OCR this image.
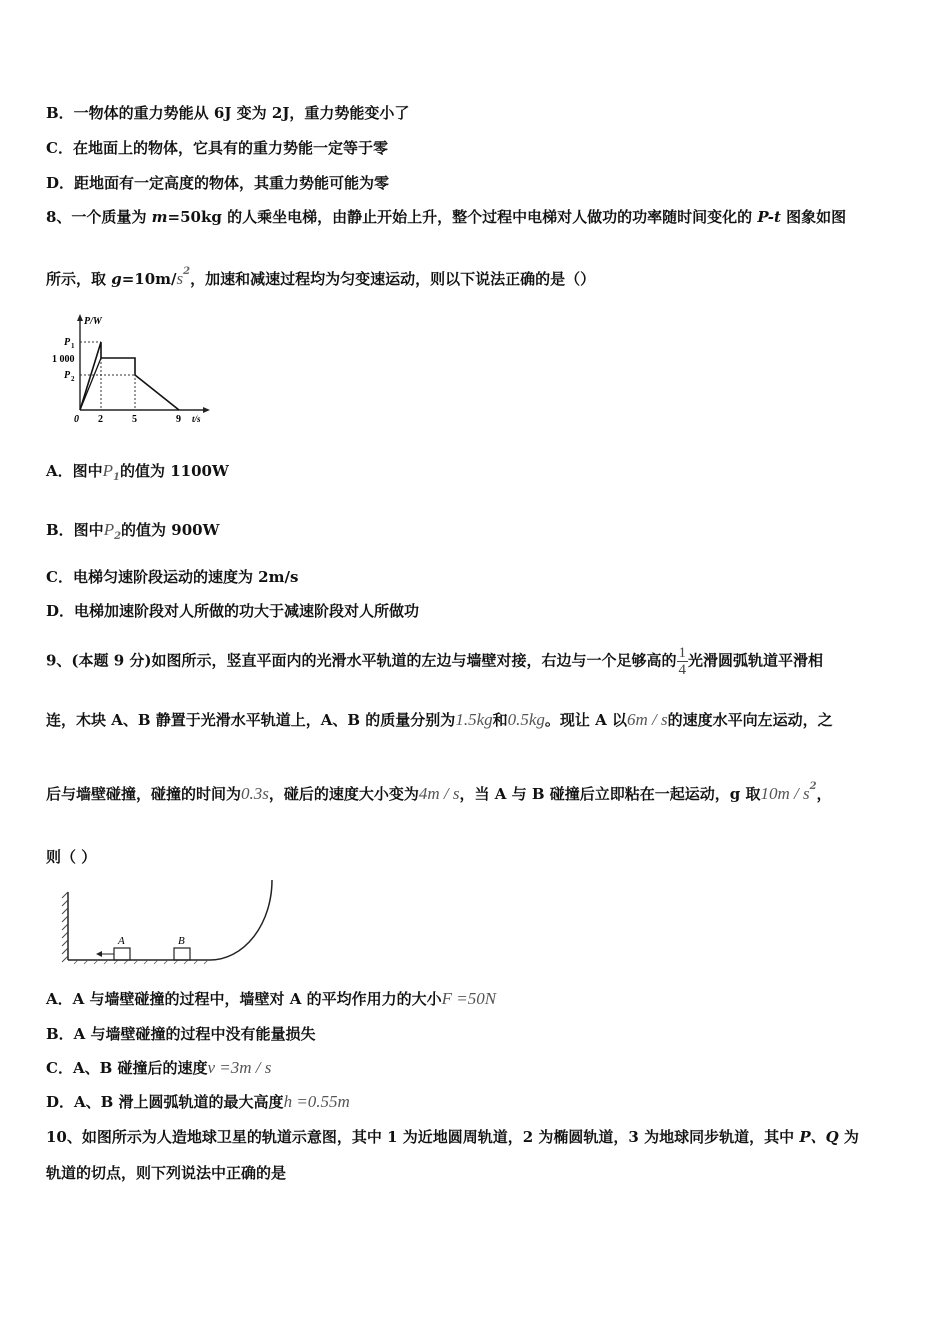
B．一物体的重力势能从 6J 变为 2J，重力势能变小了
C．在地面上的物体，它具有的重力势能一定等于零
D．距地面有一定高度的物体，其重力势能可能为零
8、一个质量为 m=50kg 的人乘坐电梯，由静止开始上升，整个过程中电梯对人做功的功率随时间变化的 P-t 图象如图
所示，取 $g=10m/s^2$，加速和减速过程均为匀变速运动，则以下说法正确的是（）
P/W
P 1
1 000
P 2
0 2	5	9 t/s
A．图中$P_1$的值为 1100W
B．图中$P_2$的值为 900W
C．电梯匀速阶段运动的速度为 2m/s
D．电梯加速阶段对人所做的功大于减速阶段对人所做功
9、(本题 9 分)如图所示，竖直平面内的光滑水平轨道的左边与墙壁对接，右边与一个足够高的 $\frac{1}{4}$ 光滑圆弧轨道平滑相
连，木块 A、B 静置于光滑水平轨道上，A、B 的质量分别为1.5kg和0.5kg。现让 A 以6m / s的速度水平向左运动，之
后与墙壁碰撞，碰撞的时间为0.3s，碰后的速度大小变为4m / s，当 A 与 B 碰撞后立即粘在一起运动，g 取$10m / s^2$，
则（ ）
A	B
A．A 与墙壁碰撞的过程中，墙壁对 A 的平均作用力的大小F =50N
B．A 与墙壁碰撞的过程中没有能量损失
C．A、B 碰撞后的速度v =3m / s
D．A、B 滑上圆弧轨道的最大高度h =0.55m
10、如图所示为人造地球卫星的轨道示意图，其中 1 为近地圆周轨道，2 为椭圆轨道，3 为地球同步轨道，其中 P、Q 为
轨道的切点，则下列说法中正确的是
